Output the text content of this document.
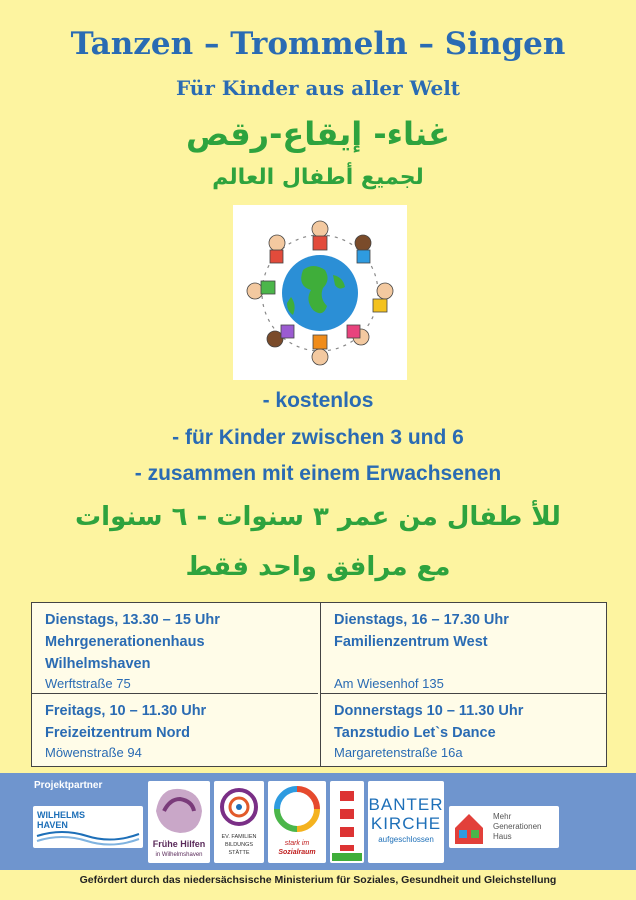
Tanzen – Trommeln – Singen
Für Kinder aus aller Welt
غناء- إيقاع-رقص
لجميع أطفال العالم
- kostenlos
- für Kinder zwischen 3 und 6
- zusammen mit einem Erwachsenen
للأ طفال من عمر ٣ سنوات - ٦ سنوات
مع مرافق واحد فقط
Dienstags, 13.30 – 15 Uhr
Mehrgenerationenhaus
Wilhelmshaven
Werftstraße 75
Dienstags, 16 – 17.30 Uhr
Familienzentrum West
Am Wiesenhof 135
Freitags, 10 – 11.30 Uhr
Freizeitzentrum Nord
Möwenstraße 94
Donnerstags 10 – 11.30 Uhr
Tanzstudio Let`s Dance
Margaretenstraße 16a
Projektpartner
WILHELMS
HAVEN
Frühe Hilfen
in Wilhelmshaven
EV. FAMILIEN
BILDUNGS
STÄTTE
stark im
Sozialraum
BANTER
KIRCHE
aufgeschlossen
Mehr
Generationen
Haus
Gefördert durch das niedersächsische Ministerium für Soziales, Gesundheit und Gleichstellung
